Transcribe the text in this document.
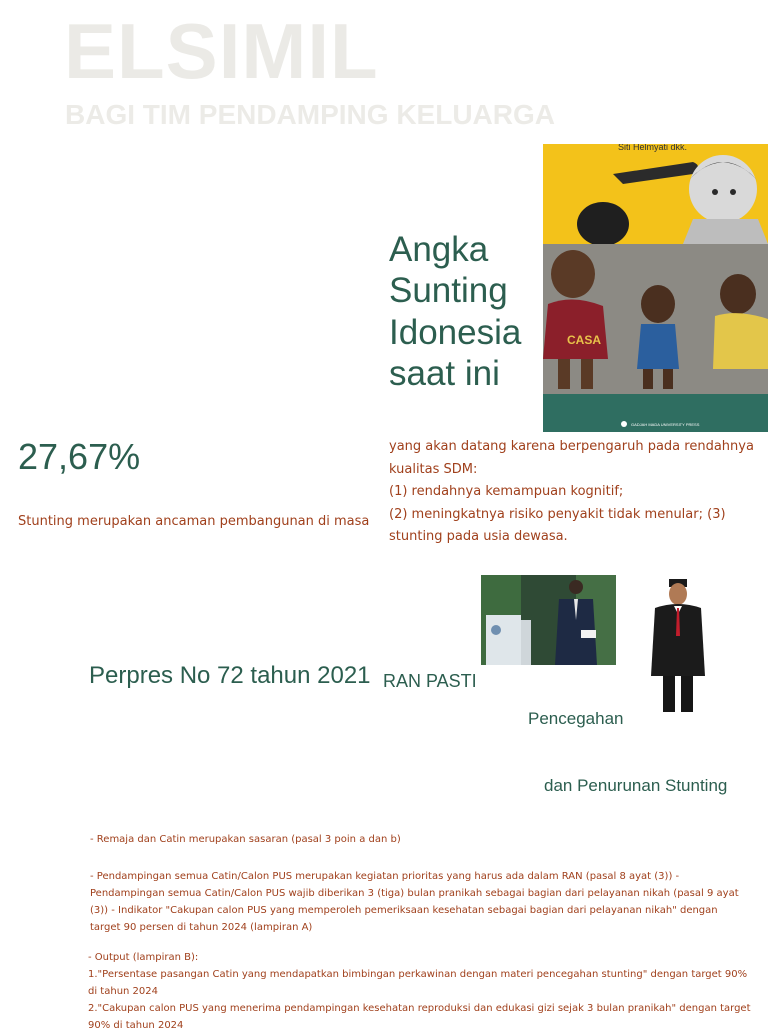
ELSIMIL
BAGI TIM PENDAMPING KELUARGA
CASA
Siti Helmyati dkk.
GADJAH MADA UNIVERSITY PRESS
Angka
Sunting
Idonesia
saat ini
27,67%
Stunting merupakan ancaman pembangunan di masa
yang akan datang karena berpengaruh pada rendahnya kualitas SDM:
(1) rendahnya kemampuan kognitif;
(2) meningkatnya risiko penyakit tidak menular; (3) stunting pada usia dewasa.
Perpres No 72 tahun 2021 RAN PASTI
Pencegahan
dan Penurunan Stunting
- Remaja dan Catin merupakan sasaran (pasal 3 poin a dan b)
- Pendampingan semua Catin/Calon PUS merupakan kegiatan prioritas yang harus ada dalam RAN (pasal 8 ayat (3)) - Pendampingan semua Catin/Calon PUS wajib diberikan 3 (tiga) bulan pranikah sebagai bagian dari pelayanan nikah (pasal 9 ayat (3)) - Indikator "Cakupan calon PUS yang memperoleh pemeriksaan kesehatan sebagai bagian dari pelayanan nikah" dengan target 90 persen di tahun 2024 (lampiran A)
- Output (lampiran B):
1."Persentase pasangan Catin yang mendapatkan bimbingan perkawinan dengan materi pencegahan stunting" dengan target 90% di tahun 2024
2."Cakupan calon PUS yang menerima pendampingan kesehatan reproduksi dan edukasi gizi sejak 3 bulan pranikah" dengan target 90% di tahun 2024
